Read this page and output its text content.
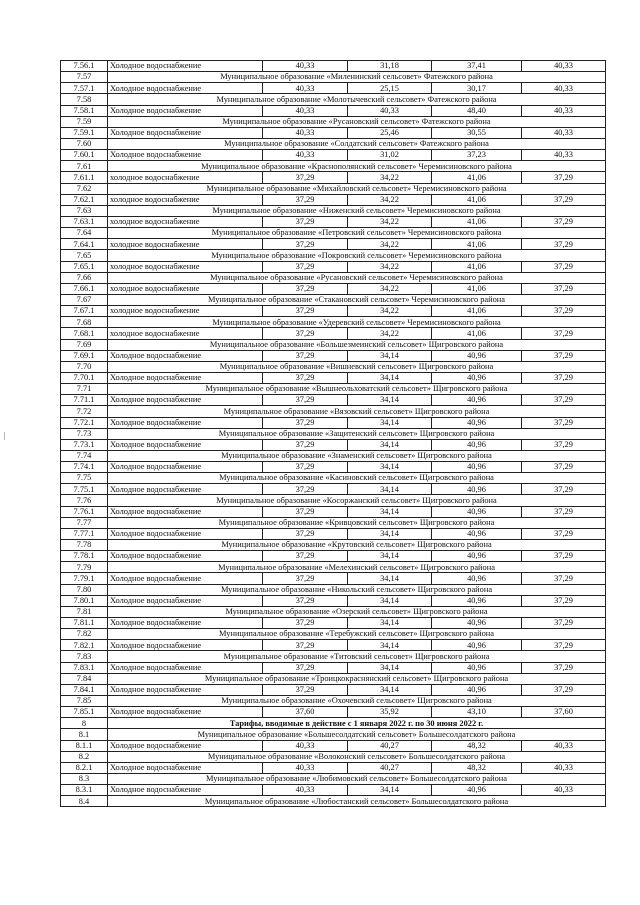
7.56.1	Холодное водоснабжение	40,33	31,18	37,41	40,33
7.57	Муниципальное образование «Миленинский сельсовет» Фатежского района				
7.57.1	Холодное водоснабжение	40,33	25,15	30,17	40,33
7.58	Муниципальное образование «Молотычевский сельсовет» Фатежского района				
7.58.1	Холодное водоснабжение	40,33	40,33	48,40	40,33
7.59	Муниципальное образование «Русановский сельсовет» Фатежского района				
7.59.1	Холодное водоснабжение	40,33	25,46	30,55	40,33
7.60	Муниципальное образование «Солдатский сельсовет» Фатежского района				
7.60.1	Холодное водоснабжение	40,33	31,02	37,23	40,33
7.61	Муниципальное образование «Краснополянский сельсовет» Черемисиновского района				
7.61.1	холодное водоснабжение	37,29	34,22	41,06	37,29
7.62	Муниципальное образование «Михайловский сельсовет» Черемисиновского района				
7.62.1	холодное водоснабжение	37,29	34,22	41,06	37,29
7.63	Муниципальное образование «Ниженский сельсовет» Черемисиновского района				
7.63.1	холодное водоснабжение	37,29	34,22	41,06	37,29
7.64	Муниципальное образование «Петровский сельсовет» Черемисиновского района				
7.64.1	холодное водоснабжение	37,29	34,22	41,06	37,29
7.65	Муниципальное образование «Покровский сельсовет» Черемисиновского района				
7.65.1	холодное водоснабжение	37,29	34,22	41,06	37,29
7.66	Муниципальное образование «Русановский сельсовет» Черемисиновского района				
7.66.1	холодное водоснабжение	37,29	34,22	41,06	37,29
7.67	Муниципальное образование «Стакановский сельсовет» Черемисиновского района				
7.67.1	холодное водоснабжение	37,29	34,22	41,06	37,29
7.68	Муниципальное образование «Удеревский сельсовет» Черемисиновского района				
7.68.1	холодное водоснабжение	37,29	34,22	41,06	37,29
7.69	Муниципальное образование «Большезмеинский сельсовет» Щигровского района				
7.69.1	Холодное водоснабжение	37,29	34,14	40,96	37,29
7.70	Муниципальное образование «Вишневский сельсовет» Щигровского района				
7.70.1	Холодное водоснабжение	37,29	34,14	40,96	37,29
7.71	Муниципальное образование «Вышнеольховатский сельсовет» Щигровского района				
7.71.1	Холодное водоснабжение	37,29	34,14	40,96	37,29
7.72	Муниципальное образование «Вязовский сельсовет» Щигровского района				
7.72.1	Холодное водоснабжение	37,29	34,14	40,96	37,29
7.73	Муниципальное образование «Защитенский сельсовет» Щигровского района				
7.73.1	Холодное водоснабжение	37,29	34,14	40,96	37,29
7.74	Муниципальное образование «Знаменский сельсовет» Щигровского района				
7.74.1	Холодное водоснабжение	37,29	34,14	40,96	37,29
7.75	Муниципальное образование «Касиновский сельсовет» Щигровского района				
7.75.1	Холодное водоснабжение	37,29	34,14	40,96	37,29
7.76	Муниципальное образование «Косоржанский сельсовет» Щигровского района				
7.76.1	Холодное водоснабжение	37,29	34,14	40,96	37,29
7.77	Муниципальное образование «Кривцовский сельсовет» Щигровского района				
7.77.1	Холодное водоснабжение	37,29	34,14	40,96	37,29
7.78	Муниципальное образование «Крутовский сельсовет» Щигровского района				
7.78.1	Холодное водоснабжение	37,29	34,14	40,96	37,29
7.79	Муниципальное образование «Мелехинский сельсовет» Щигровского района				
7.79.1	Холодное водоснабжение	37,29	34,14	40,96	37,29
7.80	Муниципальное образование «Никольский сельсовет» Щигровского района				
7.80.1	Холодное водоснабжение	37,29	34,14	40,96	37,29
7.81	Муниципальное образование «Озерский сельсовет» Щигровского района				
7.81.1	Холодное водоснабжение	37,29	34,14	40,96	37,29
7.82	Муниципальное образование «Теребужский сельсовет» Щигровского района				
7.82.1	Холодное водоснабжение	37,29	34,14	40,96	37,29
7.83	Муниципальное образование «Титовский сельсовет» Щигровского района				
7.83.1	Холодное водоснабжение	37,29	34,14	40,96	37,29
7.84	Муниципальное образование «Троицкокраснянский сельсовет» Щигровского района				
7.84.1	Холодное водоснабжение	37,29	34,14	40,96	37,29
7.85	Муниципальное образование «Охочевский сельсовет» Щигровского района				
7.85.1	Холодное водоснабжение	37,60	35,92	43,10	37,60
8	Тарифы, вводимые в действие с 1 января 2022 г. по 30 июня 2022 г.				
8.1	Муниципальное образование «Большесолдатский сельсовет» Большесолдатского района				
8.1.1	Холодное водоснабжение	40,33	40,27	48,32	40,33
8.2	Муниципальное образование «Волоконский сельсовет» Большесолдатского района				
8.2.1	Холодное водоснабжение	40,33	40,27	48,32	40,33
8.3	Муниципальное образование «Любимовский сельсовет» Большесолдатского района				
8.3.1	Холодное водоснабжение	40,33	34,14	40,96	40,33
8.4	Муниципальное образование «Любостанский сельсовет» Большесолдатского района				
